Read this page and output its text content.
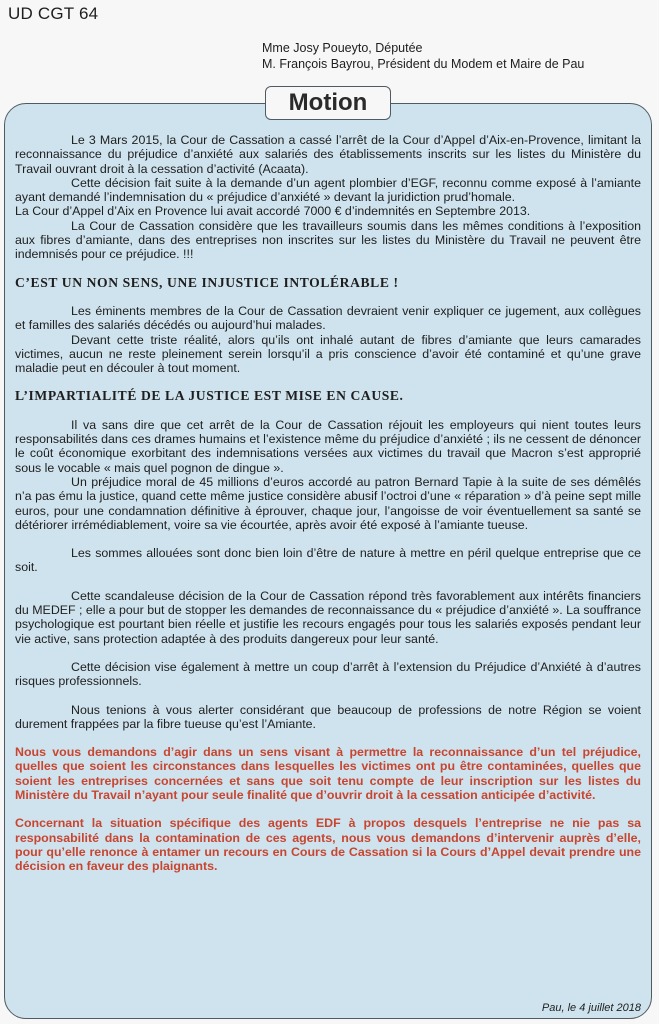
UD CGT 64
Mme Josy Poueyto, Députée
M. François Bayrou, Président du Modem et Maire de Pau
Motion

Le 3 Mars 2015, la Cour de Cassation a cassé l’arrêt de la Cour d’Appel d’Aix-en-Provence, limitant la reconnaissance du préjudice d’anxiété aux salariés des établissements inscrits sur les listes du Ministère du Travail ouvrant droit à la cessation d’activité (Acaata).

Cette décision fait suite à la demande d’un agent plombier d’EGF, reconnu comme exposé à l’amiante ayant demandé l’indemnisation du « préjudice d’anxiété » devant la juridiction prud’homale.

La Cour d’Appel d’Aix en Provence lui avait accordé 7000 € d’indemnités en Septembre 2013.

La Cour de Cassation considère que les travailleurs soumis dans les mêmes conditions à l’exposition aux fibres d’amiante, dans des entreprises non inscrites sur les listes du Ministère du Travail ne peuvent être indemnisés pour ce préjudice. !!!

C’EST UN NON SENS, UNE INJUSTICE INTOLÉRABLE !

Les éminents membres de la Cour de Cassation devraient venir expliquer ce jugement, aux collègues et familles des salariés décédés ou aujourd’hui malades.

Devant cette triste réalité, alors qu’ils ont inhalé autant de fibres d’amiante que leurs camarades victimes, aucun ne reste pleinement serein lorsqu’il a pris conscience d’avoir été contaminé et qu’une grave maladie peut en découler à tout moment.

L’IMPARTIALITÉ DE LA JUSTICE EST MISE EN CAUSE.

Il va sans dire que cet arrêt de la Cour de Cassation réjouit les employeurs qui nient toutes leurs responsabilités dans ces drames humains et l’existence même du préjudice d’anxiété ; ils ne cessent de dénoncer le coût économique exorbitant des indemnisations versées aux victimes du travail que Macron s’est approprié sous le vocable « mais quel pognon de dingue ».

Un préjudice moral de 45 millions d’euros accordé au patron Bernard Tapie à la suite de ses démêlés n’a pas ému la justice, quand cette même justice considère abusif l’octroi d’une « réparation » d’à peine sept mille euros, pour une condamnation définitive à éprouver, chaque jour, l’angoisse de voir éventuellement sa santé se détériorer irrémédiablement, voire sa vie écourtée, après avoir été exposé à l’amiante tueuse.

Les sommes allouées sont donc bien loin d’être de nature à mettre en péril quelque entreprise que ce soit.

Cette scandaleuse décision de la Cour de Cassation répond très favorablement aux intérêts financiers du MEDEF ; elle a pour but de stopper les demandes de reconnaissance du « préjudice d’anxiété ». La souffrance psychologique est pourtant bien réelle et justifie les recours engagés pour tous les salariés exposés pendant leur vie active, sans protection adaptée à des produits dangereux pour leur santé.

Cette décision vise également à mettre un coup d’arrêt à l’extension du Préjudice d’Anxiété à d’autres risques professionnels.

Nous tenions à vous alerter considérant que beaucoup de professions de notre Région se voient durement frappées par la fibre tueuse qu’est l’Amiante.

Nous vous demandons d’agir dans un sens visant à permettre la reconnaissance d’un tel préjudice, quelles que soient les circonstances dans lesquelles les victimes ont pu être contaminées, quelles que soient les entreprises concernées et sans que soit tenu compte de leur inscription sur les listes du Ministère du Travail n’ayant pour seule finalité que d’ouvrir droit à la cessation anticipée d’activité.

Concernant la situation spécifique des agents EDF à propos desquels l’entreprise ne nie pas sa responsabilité dans la contamination de ces agents, nous vous demandons d’intervenir auprès d’elle, pour qu’elle renonce à entamer un recours en Cours de Cassation si la Cours d’Appel devait prendre une décision en faveur des plaignants.

Pau, le 4 juillet 2018
